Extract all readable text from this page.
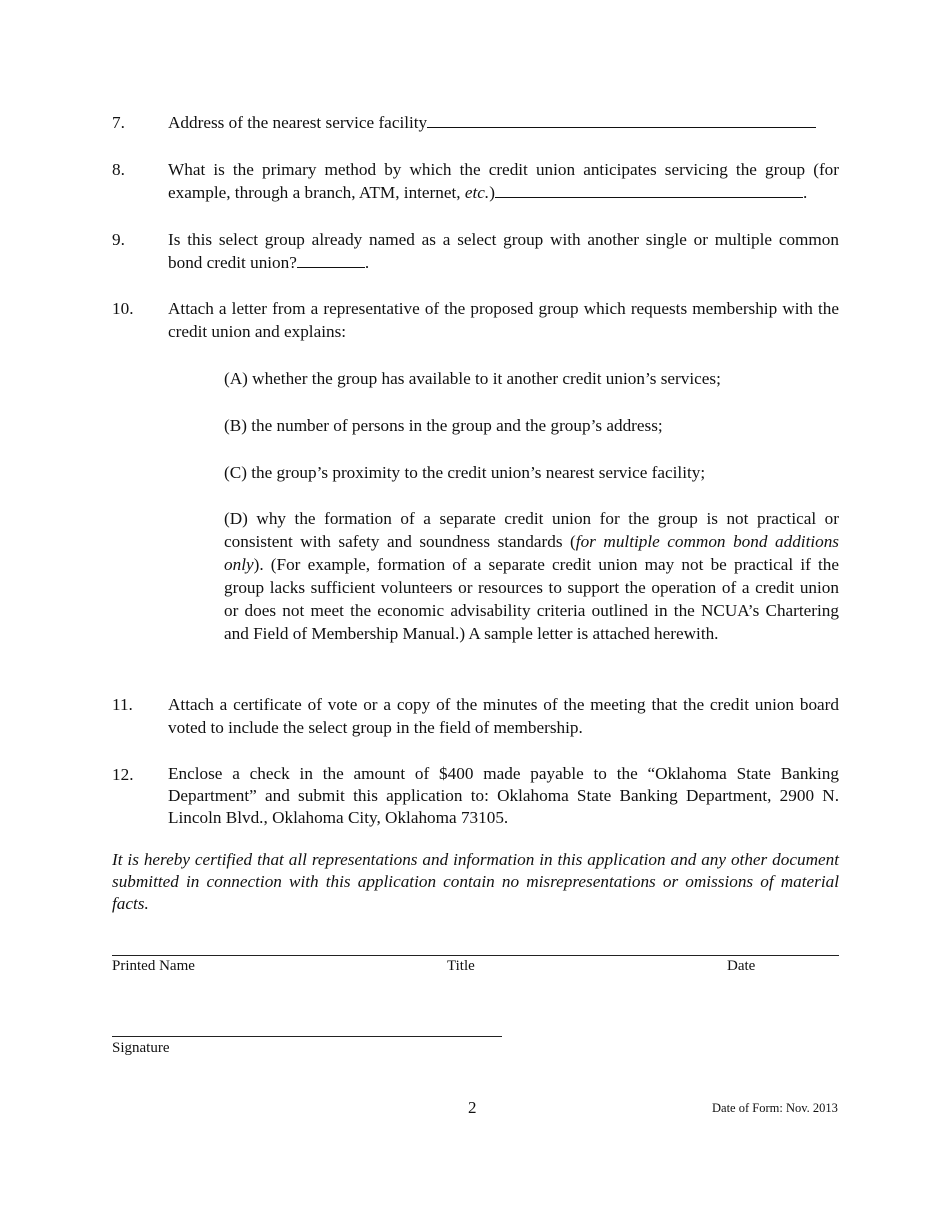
7.	Address of the nearest service facility
8.	What is the primary method by which the credit union anticipates servicing the group (for example, through a branch, ATM, internet, etc.)	.
9.	Is this select group already named as a select group with another single or multiple common bond credit union?	.
10. Attach a letter from a representative of the proposed group which requests membership with the credit union and explains:
(A) whether the group has available to it another credit union’s services;
(B) the number of persons in the group and the group’s address;
(C) the group’s proximity to the credit union’s nearest service facility;
(D) why the formation of a separate credit union for the group is not practical or consistent with safety and soundness standards (for multiple common bond additions only). (For example, formation of a separate credit union may not be practical if the group lacks sufficient volunteers or resources to support the operation of a credit union or does not meet the economic advisability criteria outlined in the NCUA’s Chartering and Field of Membership Manual.) A sample letter is attached herewith.
11. Attach a certificate of vote or a copy of the minutes of the meeting that the credit union board voted to include the select group in the field of membership.
12. Enclose a check in the amount of $400 made payable to the “Oklahoma State Banking Department” and submit this application to: Oklahoma State Banking Department, 2900 N. Lincoln Blvd., Oklahoma City, Oklahoma 73105.
It is hereby certified that all representations and information in this application and any other document submitted in connection with this application contain no misrepresentations or omissions of material facts.
Printed Name	Title	Date
Signature
2	Date of Form: Nov. 2013
